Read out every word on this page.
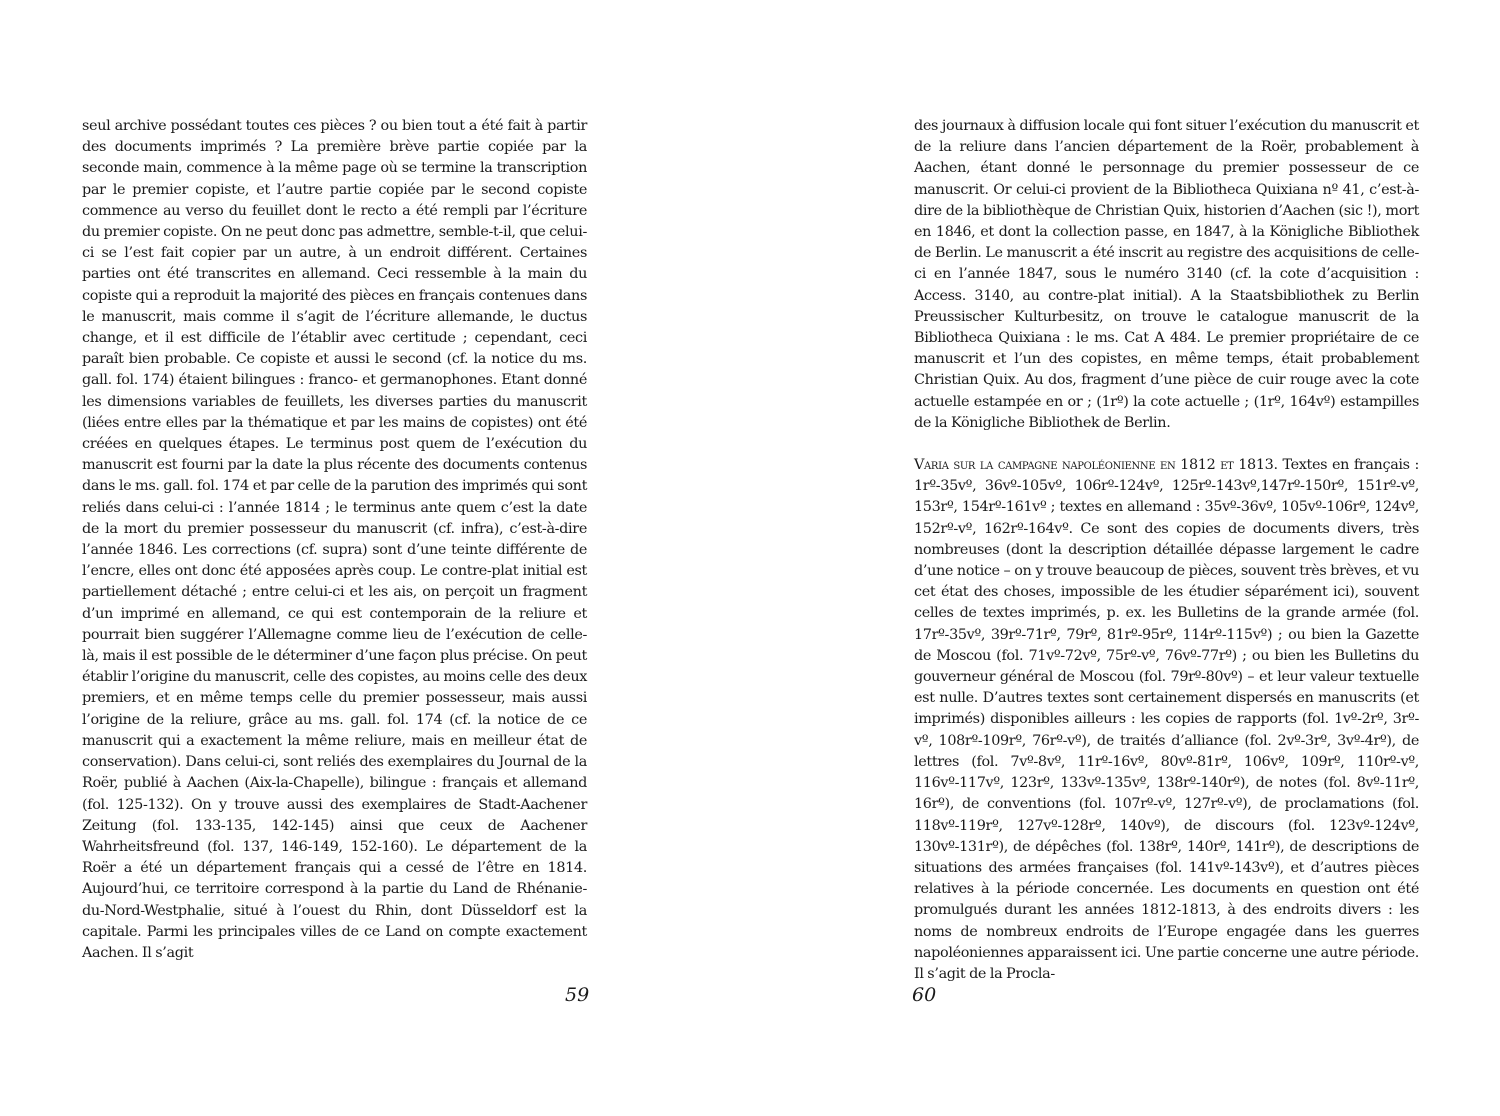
seul archive possédant toutes ces pièces ? ou bien tout a été fait à partir des documents imprimés ? La première brève partie copiée par la seconde main, commence à la même page où se termine la transcription par le premier copiste, et l’autre partie copiée par le second copiste commence au verso du feuillet dont le recto a été rempli par l’écriture du premier copiste. On ne peut donc pas admettre, semble-t-il, que celui-ci se l’est fait copier par un autre, à un endroit différent. Certaines parties ont été transcrites en allemand. Ceci ressemble à la main du copiste qui a reproduit la majorité des pièces en français contenues dans le manuscrit, mais comme il s’agit de l’écriture allemande, le ductus change, et il est difficile de l’établir avec certitude ; cependant, ceci paraît bien probable. Ce copiste et aussi le second (cf. la notice du ms. gall. fol. 174) étaient bilingues : franco- et germanophones. Etant donné les dimensions variables de feuillets, les diverses parties du manuscrit (liées entre elles par la thématique et par les mains de copistes) ont été créées en quelques étapes. Le terminus post quem de l’exécution du manuscrit est fourni par la date la plus récente des documents contenus dans le ms. gall. fol. 174 et par celle de la parution des imprimés qui sont reliés dans celui-ci : l’année 1814 ; le terminus ante quem c’est la date de la mort du premier possesseur du manuscrit (cf. infra), c’est-à-dire l’année 1846. Les corrections (cf. supra) sont d’une teinte différente de l’encre, elles ont donc été apposées après coup. Le contre-plat initial est partiellement détaché ; entre celui-ci et les ais, on perçoit un fragment d’un imprimé en allemand, ce qui est contemporain de la reliure et pourrait bien suggérer l’Allemagne comme lieu de l’exécution de celle-là, mais il est possible de le déterminer d’une façon plus précise. On peut établir l’origine du manuscrit, celle des copistes, au moins celle des deux premiers, et en même temps celle du premier possesseur, mais aussi l’origine de la reliure, grâce au ms. gall. fol. 174 (cf. la notice de ce manuscrit qui a exactement la même reliure, mais en meilleur état de conservation). Dans celui-ci, sont reliés des exemplaires du Journal de la Roër, publié à Aachen (Aix-la-Chapelle), bilingue : français et allemand (fol. 125-132). On y trouve aussi des exemplaires de Stadt-Aachener Zeitung (fol. 133-135, 142-145) ainsi que ceux de Aachener Wahrheitsfreund (fol. 137, 146-149, 152-160). Le département de la Roër a été un département français qui a cessé de l’être en 1814. Aujourd’hui, ce territoire correspond à la partie du Land de Rhénanie-du-Nord-Westphalie, situé à l’ouest du Rhin, dont Düsseldorf est la capitale. Parmi les principales villes de ce Land on compte exactement Aachen. Il s’agit

des journaux à diffusion locale qui font situer l’exécution du manuscrit et de la reliure dans l’ancien département de la Roër, probablement à Aachen, étant donné le personnage du premier possesseur de ce manuscrit. Or celui-ci provient de la Bibliotheca Quixiana nº 41, c’est-à-dire de la bibliothèque de Christian Quix, historien d’Aachen (sic !), mort en 1846, et dont la collection passe, en 1847, à la Königliche Bibliothek de Berlin. Le manuscrit a été inscrit au registre des acquisitions de celle-ci en l’année 1847, sous le numéro 3140 (cf. la cote d’acquisition : Access. 3140, au contre-plat initial). A la Staatsbibliothek zu Berlin Preussischer Kulturbesitz, on trouve le catalogue manuscrit de la Bibliotheca Quixiana : le ms. Cat A 484. Le premier propriétaire de ce manuscrit et l’un des copistes, en même temps, était probablement Christian Quix. Au dos, fragment d’une pièce de cuir rouge avec la cote actuelle estampée en or ; (1rº) la cote actuelle ; (1rº, 164vº) estampilles de la Königliche Bibliothek de Berlin.

Varia sur la campagne napoléonienne en 1812 et 1813. Textes en français : 1rº-35vº, 36vº-105vº, 106rº-124vº, 125rº-143vº,147rº-150rº, 151rº-vº, 153rº, 154rº-161vº ; textes en allemand : 35vº-36vº, 105vº-106rº, 124vº, 152rº-vº, 162rº-164vº. Ce sont des copies de documents divers, très nombreuses (dont la description détaillée dépasse largement le cadre d’une notice – on y trouve beaucoup de pièces, souvent très brèves, et vu cet état des choses, impossible de les étudier séparément ici), souvent celles de textes imprimés, p. ex. les Bulletins de la grande armée (fol. 17rº-35vº, 39rº-71rº, 79rº, 81rº-95rº, 114rº-115vº) ; ou bien la Gazette de Moscou (fol. 71vº-72vº, 75rº-vº, 76vº-77rº) ; ou bien les Bulletins du gouverneur général de Moscou (fol. 79rº-80vº) – et leur valeur textuelle est nulle. D’autres textes sont certainement dispersés en manuscrits (et imprimés) disponibles ailleurs : les copies de rapports (fol. 1vº-2rº, 3rº-vº, 108rº-109rº, 76rº-vº), de traités d’alliance (fol. 2vº-3rº, 3vº-4rº), de lettres (fol. 7vº-8vº, 11rº-16vº, 80vº-81rº, 106vº, 109rº, 110rº-vº, 116vº-117vº, 123rº, 133vº-135vº, 138rº-140rº), de notes (fol. 8vº-11rº, 16rº), de conventions (fol. 107rº-vº, 127rº-vº), de proclamations (fol. 118vº-119rº, 127vº-128rº, 140vº), de discours (fol. 123vº-124vº, 130vº-131rº), de dépêches (fol. 138rº, 140rº, 141rº), de descriptions de situations des armées françaises (fol. 141vº-143vº), et d’autres pièces relatives à la période concernée. Les documents en question ont été promulgués durant les années 1812-1813, à des endroits divers : les noms de nombreux endroits de l’Europe engagée dans les guerres napoléoniennes apparaissent ici. Une partie concerne une autre période. Il s’agit de la Procla-

59	60
